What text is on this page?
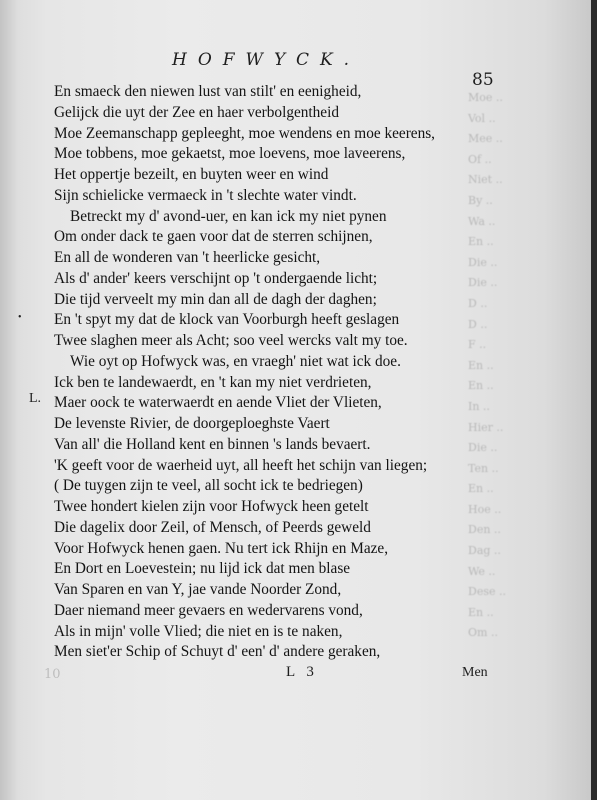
Moe ..
Vol ..
Mee ..
Of ..
Niet ..
By ..
Wa ..
En ..
Die ..
Die ..
D ..
D ..
F ..
En ..
En ..
In ..
Hier ..
Die ..
Ten ..
En ..
Hoe ..
Den ..
Dag ..
We ..
Dese ..
En ..
Om ..
HOFWYCK.
85
•
L.
En smaeck den niewen lust van stilt' en eenigheid,
Gelijck die uyt der Zee en haer verbolgentheid
Moe Zeemanschapp gepleeght, moe wendens en moe keerens,
Moe tobbens, moe gekaetst, moe loevens, moe laveerens,
Het oppertje bezeilt, en buyten weer en wind
Sijn schielicke vermaeck in 't slechte water vindt.
Betreckt my d' avond-uer, en kan ick my niet pynen
Om onder dack te gaen voor dat de sterren schijnen,
En all de wonderen van 't heerlicke gesicht,
Als d' ander' keers verschijnt op 't ondergaende licht;
Die tijd verveelt my min dan all de dagh der daghen;
En 't spyt my dat de klock van Voorburgh heeft geslagen
Twee slaghen meer als Acht; soo veel wercks valt my toe.
Wie oyt op Hofwyck was, en vraegh' niet wat ick doe.
Ick ben te landewaerdt, en 't kan my niet verdrieten,
Maer oock te waterwaerdt en aende Vliet der Vlieten,
De levenste Rivier, de doorgeploeghste Vaert
Van all' die Holland kent en binnen 's lands bevaert.
'K geeft voor de waerheid uyt, all heeft het schijn van liegen;
( De tuygen zijn te veel, all socht ick te bedriegen)
Twee hondert kielen zijn voor Hofwyck heen getelt
Die dagelix door Zeil, of Mensch, of Peerds geweld
Voor Hofwyck henen gaen. Nu tert ick Rhijn en Maze,
En Dort en Loevestein; nu lijd ick dat men blase
Van Sparen en van Y, jae vande Noorder Zond,
Daer niemand meer gevaers en wedervarens vond,
Als in mijn' volle Vlied; die niet en is te naken,
Men siet'er Schip of Schuyt d' een' d' andere geraken,
10	L 3	Men
